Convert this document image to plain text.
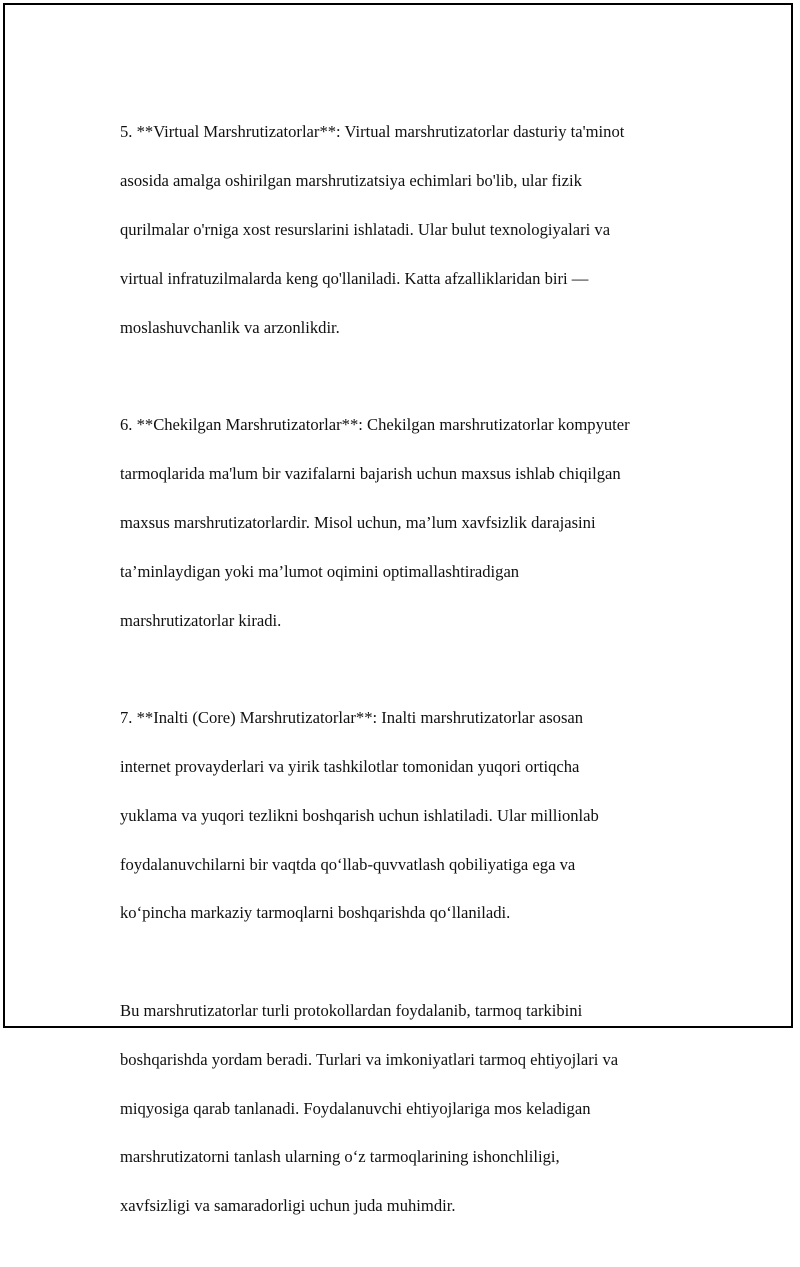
5. **Virtual Marshrutizatorlar**: Virtual marshrutizatorlar dasturiy ta'minot

asosida amalga oshirilgan marshrutizatsiya echimlari bo'lib, ular fizik

qurilmalar o'rniga xost resurslarini ishlatadi. Ular bulut texnologiyalari va

virtual infratuzilmalarda keng qo'llaniladi. Katta afzalliklaridan biri —

moslashuvchanlik va arzonlikdir.

6. **Chekilgan Marshrutizatorlar**: Chekilgan marshrutizatorlar kompyuter

tarmoqlarida ma'lum bir vazifalarni bajarish uchun maxsus ishlab chiqilgan

maxsus marshrutizatorlardir. Misol uchun, ma’lum xavfsizlik darajasini

ta’minlaydigan yoki ma’lumot oqimini optimallashtiradigan

marshrutizatorlar kiradi.

7. **Inalti (Core) Marshrutizatorlar**: Inalti marshrutizatorlar asosan

internet provayderlari va yirik tashkilotlar tomonidan yuqori ortiqcha

yuklama va yuqori tezlikni boshqarish uchun ishlatiladi. Ular millionlab

foydalanuvchilarni bir vaqtda qo‘llab-quvvatlash qobiliyatiga ega va

ko‘pincha markaziy tarmoqlarni boshqarishda qo‘llaniladi.

Bu marshrutizatorlar turli protokollardan foydalanib, tarmoq tarkibini

boshqarishda yordam beradi. Turlari va imkoniyatlari tarmoq ehtiyojlari va

miqyosiga qarab tanlanadi. Foydalanuvchi ehtiyojlariga mos keladigan

marshrutizatorni tanlash ularning o‘z tarmoqlarining ishonchliligi,

xavfsizligi va samaradorligi uchun juda muhimdir.
